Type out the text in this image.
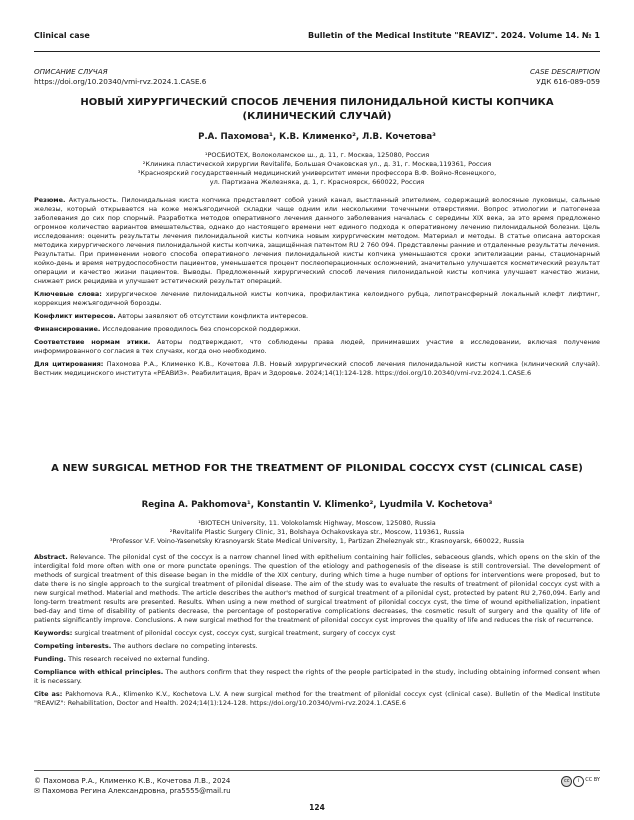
Clinical case	Bulletin of the Medical Institute "REAVIZ". 2024. Volume 14. № 1
ОПИСАНИЕ СЛУЧАЯ
https://doi.org/10.20340/vmi-rvz.2024.1.CASE.6
CASE DESCRIPTION
УДК 616-089-059
НОВЫЙ ХИРУРГИЧЕСКИЙ СПОСОБ ЛЕЧЕНИЯ ПИЛОНИДАЛЬНОЙ КИСТЫ КОПЧИКА (КЛИНИЧЕСКИЙ СЛУЧАЙ)
Р.А. Пахомова¹, К.В. Клименко², Л.В. Кочетова³
¹РОСБИОТЕХ, Волоколамское ш., д. 11, г. Москва, 125080, Россия
²Клиника пластической хирургии Revitalife, Большая Очаковская ул., д. 31, г. Москва,119361, Россия
³Красноярский государственный медицинский университет имени профессора В.Ф. Войно-Ясенецкого,
ул. Партизана Железняка, д. 1, г. Красноярск, 660022, Россия

Резюме. Актуальность. Пилонидальная киста копчика представляет собой узкий канал, выстланный эпителием, содержащий волосяные луковицы, сальные железы, который открывается на коже межъягодичной складки чаще одним или несколькими точечными отверстиями. Вопрос этиологии и патогенеза заболевания до сих пор спорный. Разработка методов оперативного лечения данного заболевания началась с середины XIX века, за это время предложено огромное количество вариантов вмешательства, однако до настоящего времени нет единого подхода к оперативному лечению пилонидальной болезни. Цель исследования: оценить результаты лечения пилонидальной кисты копчика новым хирургическим методом. Материал и методы. В статье описана авторская методика хирургического лечения пилонидальной кисты копчика, защищённая патентом RU 2 760 094. Представлены ранние и отдаленные результаты лечения. Результаты. При применении нового способа оперативного лечения пилонидальной кисты копчика уменьшаются сроки эпителизации раны, стационарный койко-день и время нетрудоспособности пациентов, уменьшается процент послеоперационных осложнений, значительно улучшается косметический результат операции и качество жизни пациентов. Выводы. Предложенный хирургический способ лечения пилонидальной кисты копчика улучшает качество жизни, снижает риск рецидива и улучшает эстетический результат операций.

Ключевые слова: хирургическое лечение пилонидальной кисты копчика, профилактика келоидного рубца, липотрансферный локальный клефт лифтинг, коррекция межъягодичной борозды.

Конфликт интересов. Авторы заявляют об отсутствии конфликта интересов.

Финансирование. Исследование проводилось без спонсорской поддержки.

Соответствие нормам этики. Авторы подтверждают, что соблюдены права людей, принимавших участие в исследовании, включая получение информированного согласия в тех случаях, когда оно необходимо.

Для цитирования: Пахомова Р.А., Клименко К.В., Кочетова Л.В. Новый хирургический способ лечения пилонидальной кисты копчика (клинический случай). Вестник медицинского института «РЕАВИЗ». Реабилитация, Врач и Здоровье. 2024;14(1):124-128. https://doi.org/10.20340/vmi-rvz.2024.1.CASE.6

A NEW SURGICAL METHOD FOR THE TREATMENT OF PILONIDAL COCCYX CYST (CLINICAL CASE)
Regina A. Pakhomova¹, Konstantin V. Klimenko², Lyudmila V. Kochetova³
¹BIOTECH University, 11. Volokolamsk Highway, Moscow, 125080, Russia
²Revitalife Plastic Surgery Clinic, 31, Bolshaya Ochakovskaya str., Moscow, 119361, Russia
³Professor V.F. Voino-Yasenetsky Krasnoyarsk State Medical University, 1, Partizan Zheleznyak str., Krasnoyarsk, 660022, Russia

Abstract. Relevance. The pilonidal cyst of the coccyx is a narrow channel lined with epithelium containing hair follicles, sebaceous glands, which opens on the skin of the interdigital fold more often with one or more punctate openings. The question of the etiology and pathogenesis of the disease is still controversial. The development of methods of surgical treatment of this disease began in the middle of the XIX century, during which time a huge number of options for interventions were proposed, but to date there is no single approach to the surgical treatment of pilonidal disease. The aim of the study was to evaluate the results of treatment of pilonidal coccyx cyst with a new surgical method. Material and methods. The article describes the author's method of surgical treatment of a pilonidal cyst, protected by patent RU 2,760,094. Early and long-term treatment results are presented. Results. When using a new method of surgical treatment of pilonidal coccyx cyst, the time of wound epithelialization, inpatient bed-day and time of disability of patients decrease, the percentage of postoperative complications decreases, the cosmetic result of surgery and the quality of life of patients significantly improve. Conclusions. A new surgical method for the treatment of pilonidal coccyx cyst improves the quality of life and reduces the risk of recurrence.

Keywords: surgical treatment of pilonidal coccyx cyst, coccyx cyst, surgical treatment, surgery of coccyx cyst

Competing interests. The authors declare no competing interests.

Funding. This research received no external funding.

Compliance with ethical principles. The authors confirm that they respect the rights of the people participated in the study, including obtaining informed consent when it is necessary.

Cite as: Pakhomova R.A., Klimenko K.V., Kochetova L.V. A new surgical method for the treatment of pilonidal coccyx cyst (clinical case). Bulletin of the Medical Institute "REAVIZ": Rehabilitation, Doctor and Health. 2024;14(1):124-128. https://doi.org/10.20340/vmi-rvz.2024.1.CASE.6

© Пахомова Р.А., Клименко К.В., Кочетова Л.В., 2024
✉ Пахомова Регина Александровна, pra5555@mail.ru
cc	i	CC BY
124
